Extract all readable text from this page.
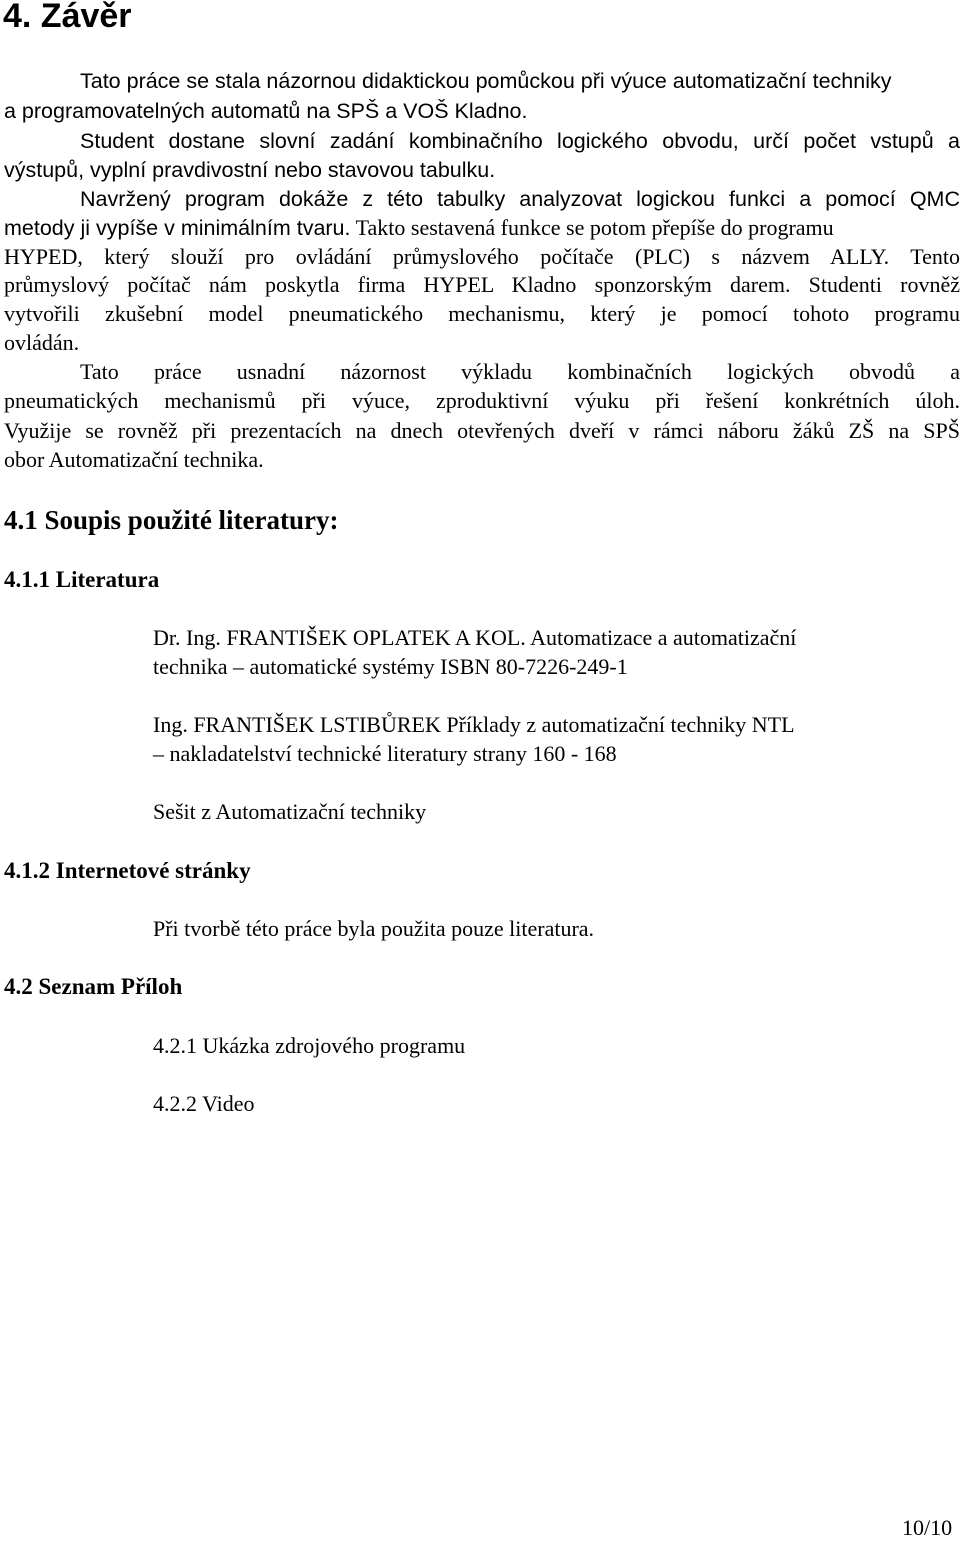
4. Závěr
Tato práce se stala názornou didaktickou pomůckou při výuce automatizační techniky
a programovatelných automatů na SPŠ a VOŠ Kladno.
Student dostane slovní zadání kombinačního logického obvodu, určí počet vstupů a
výstupů, vyplní pravdivostní nebo stavovou tabulku.
Navržený program dokáže z této tabulky analyzovat logickou funkci a pomocí QMC
metody ji vypíše v minimálním tvaru. Takto sestavená funkce se potom přepíše do programu
HYPED, který slouží pro ovládání průmyslového počítače (PLC) s názvem ALLY. Tento
průmyslový počítač nám poskytla firma HYPEL Kladno sponzorským darem. Studenti rovněž
vytvořili zkušební model pneumatického mechanismu, který je pomocí tohoto programu
ovládán.
Tato práce usnadní názornost výkladu kombinačních logických obvodů a
pneumatických mechanismů při výuce, zproduktivní výuku při řešení konkrétních úloh.
Využije se rovněž při prezentacích na dnech otevřených dveří v rámci náboru žáků ZŠ na SPŠ
obor Automatizační technika.
4.1 Soupis použité literatury:
4.1.1 Literatura
Dr. Ing. FRANTIŠEK OPLATEK A KOL. Automatizace a automatizační
technika – automatické systémy ISBN 80-7226-249-1
Ing. FRANTIŠEK LSTIBŮREK Příklady z automatizační techniky NTL
– nakladatelství technické literatury strany 160 - 168
Sešit z Automatizační techniky
4.1.2 Internetové stránky
Při tvorbě této práce byla použita pouze literatura.
4.2 Seznam Příloh
4.2.1 Ukázka zdrojového programu
4.2.2 Video
10/10
